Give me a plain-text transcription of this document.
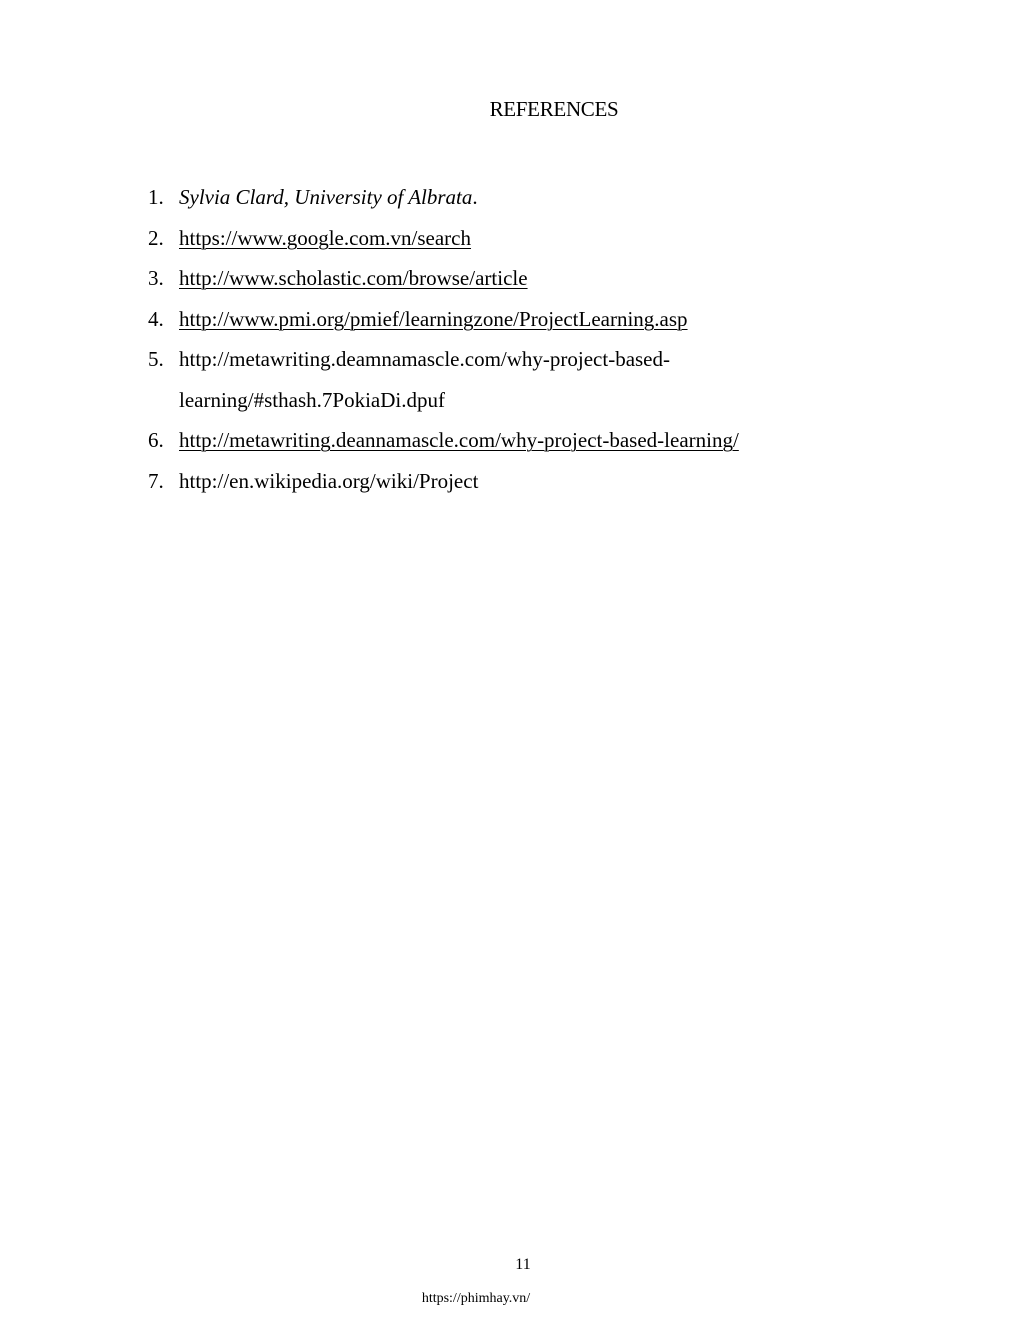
REFERENCES
1. Sylvia Clard, University of Albrata.
2. https://www.google.com.vn/search
3. http://www.scholastic.com/browse/article
4. http://www.pmi.org/pmief/learningzone/ProjectLearning.asp
5. http://metawriting.deamnamascle.com/why-project-based-learning/#sthash.7PokiaDi.dpuf
6. http://metawriting.deannamascle.com/why-project-based-learning/
7. http://en.wikipedia.org/wiki/Project
11
https://phimhay.vn/
